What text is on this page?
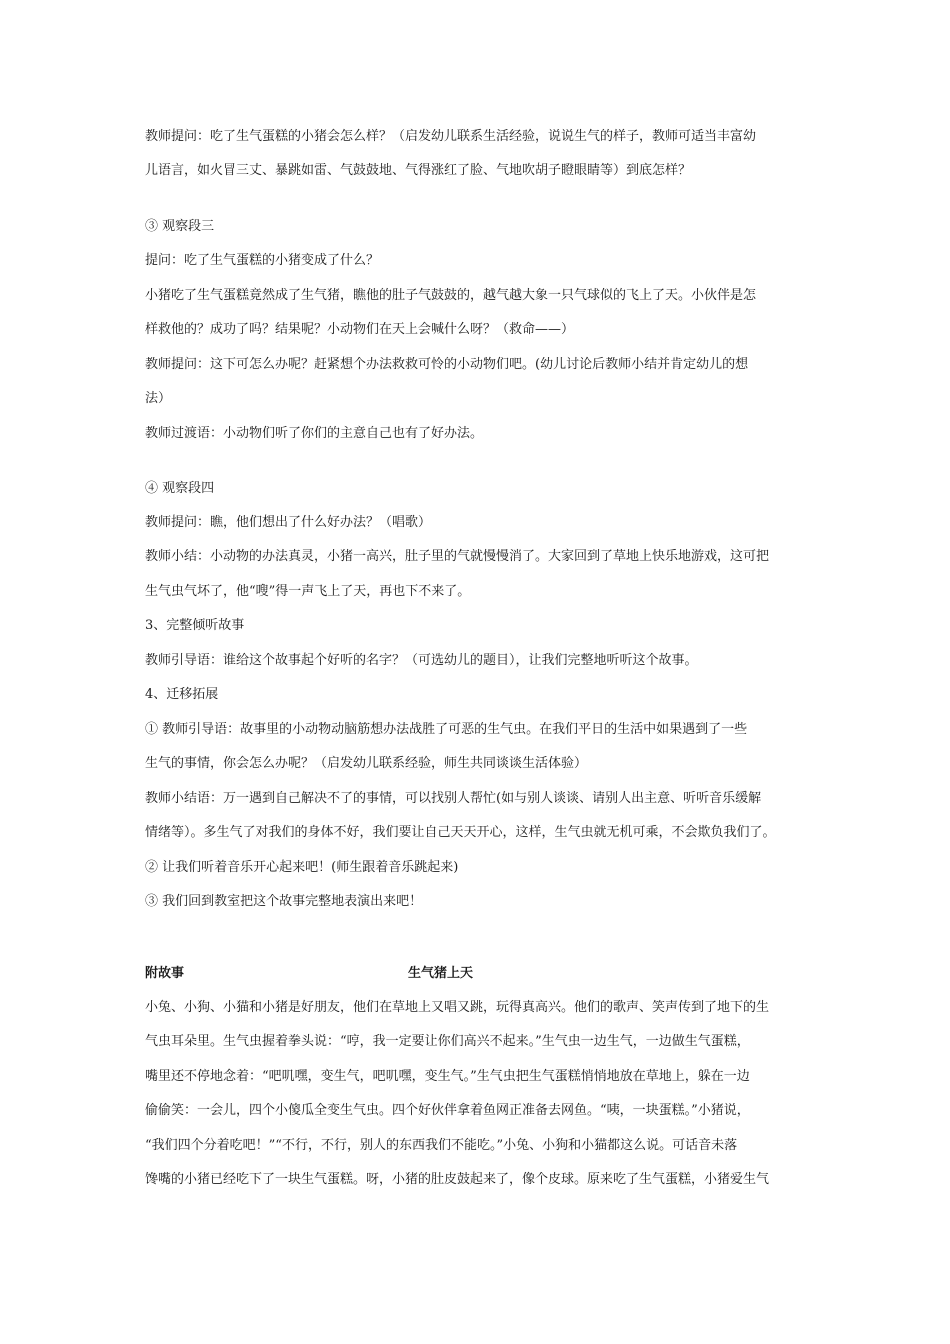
教师提问：吃了生气蛋糕的小猪会怎么样？（启发幼儿联系生活经验，说说生气的样子，教师可适当丰富幼
儿语言，如火冒三丈、暴跳如雷、气鼓鼓地、气得涨红了脸、气地吹胡子瞪眼睛等）到底怎样？
③ 观察段三
提问：吃了生气蛋糕的小猪变成了什么？
小猪吃了生气蛋糕竟然成了生气猪，瞧他的肚子气鼓鼓的，越气越大象一只气球似的飞上了天。小伙伴是怎
样救他的？成功了吗？结果呢？小动物们在天上会喊什么呀？（救命——）
教师提问：这下可怎么办呢？赶紧想个办法救救可怜的小动物们吧。(幼儿讨论后教师小结并肯定幼儿的想
法）
教师过渡语：小动物们听了你们的主意自己也有了好办法。
④ 观察段四
教师提问：瞧，他们想出了什么好办法？（唱歌）
教师小结：小动物的办法真灵，小猪一高兴，肚子里的气就慢慢消了。大家回到了草地上快乐地游戏，这可把
生气虫气坏了，他“嗖”得一声飞上了天，再也下不来了。
3、完整倾听故事
教师引导语：谁给这个故事起个好听的名字？（可选幼儿的题目），让我们完整地听听这个故事。
4、迁移拓展
① 教师引导语：故事里的小动物动脑筋想办法战胜了可恶的生气虫。在我们平日的生活中如果遇到了一些
生气的事情，你会怎么办呢？（启发幼儿联系经验，师生共同谈谈生活体验）
教师小结语：万一遇到自己解决不了的事情，可以找别人帮忙(如与别人谈谈、请别人出主意、听听音乐缓解
情绪等）。多生气了对我们的身体不好，我们要让自己天天开心，这样，生气虫就无机可乘，不会欺负我们了。
② 让我们听着音乐开心起来吧！(师生跟着音乐跳起来)
③ 我们回到教室把这个故事完整地表演出来吧！
附故事	生气猪上天
小兔、小狗、小猫和小猪是好朋友，他们在草地上又唱又跳，玩得真高兴。他们的歌声、笑声传到了地下的生
气虫耳朵里。生气虫握着拳头说：“哼，我一定要让你们高兴不起来。”生气虫一边生气，一边做生气蛋糕，
嘴里还不停地念着：“吧叽嘿，变生气，吧叽嘿，变生气。”生气虫把生气蛋糕悄悄地放在草地上，躲在一边
偷偷笑：一会儿，四个小傻瓜全变生气虫。四个好伙伴拿着鱼网正准备去网鱼。“咦，一块蛋糕。”小猪说，
“我们四个分着吃吧！”“不行，不行，别人的东西我们不能吃。”小兔、小狗和小猫都这么说。可话音未落
馋嘴的小猪已经吃下了一块生气蛋糕。呀，小猪的肚皮鼓起来了，像个皮球。原来吃了生气蛋糕，小猪爱生气
